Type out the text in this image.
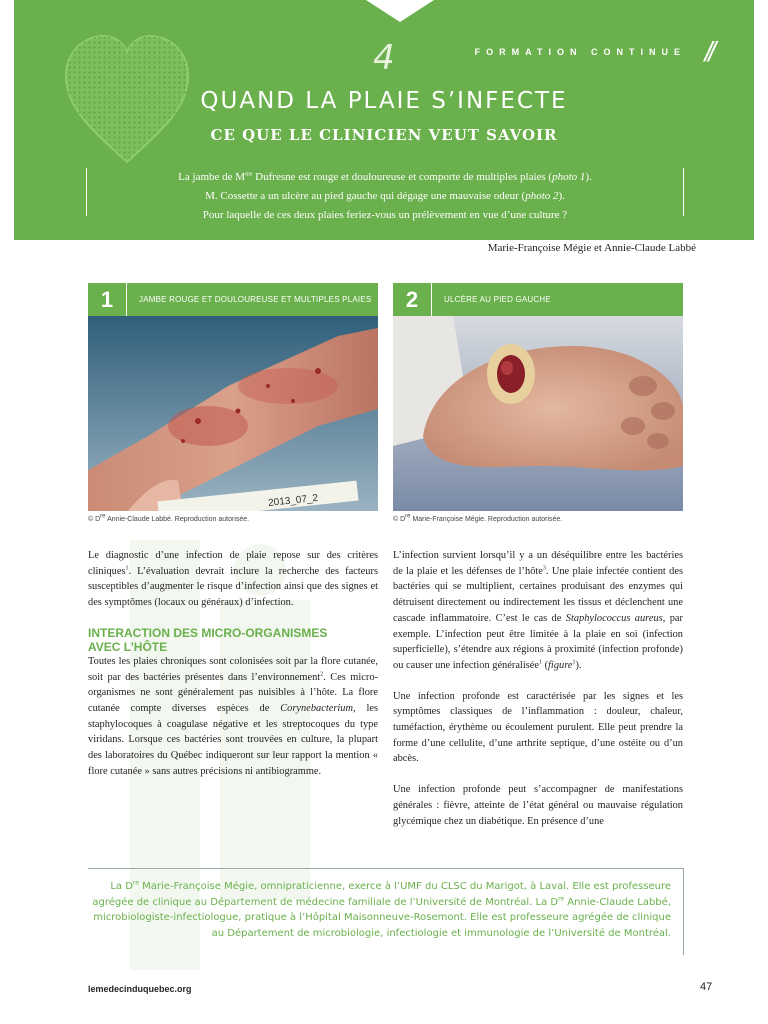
FORMATION CONTINUE //
4
QUAND LA PLAIE S’INFECTE
CE QUE LE CLINICIEN VEUT SAVOIR

La jambe de $M^{me}$ Dufresne est rouge et douloureuse et comporte de multiples plaies (photo 1).

M. Cossette a un ulcère au pied gauche qui dégage une mauvaise odeur (photo 2).

Pour laquelle de ces deux plaies feriez-vous un prélèvement en vue d’une culture ?

Marie-Françoise Mégie et Annie-Claude Labbé
1	JAMBE ROUGE ET DOULOUREUSE ET MULTIPLES PLAIES
2013_07_2
© Dre Annie-Claude Labbé. Reproduction autorisée.
2	ULCÈRE AU PIED GAUCHE
© Dre Marie-Françoise Mégie. Reproduction autorisée.

Le diagnostic d’une infection de plaie repose sur des critères cliniques$^1$. L’évaluation devrait inclure la recherche des facteurs susceptibles d’augmenter le risque d’infection ainsi que des signes et des symptômes (locaux ou généraux) d’infection.

INTERACTION DES MICRO-ORGANISMES
AVEC L’HÔTE

Toutes les plaies chroniques sont colonisées soit par la flore cutanée, soit par des bactéries présentes dans l’environnement$^2$. Ces micro-organismes ne sont généralement pas nuisibles à l’hôte. La flore cutanée compte diverses espèces de Corynebacterium, les staphylocoques à coagulase négative et les streptocoques du type viridans. Lorsque ces bactéries sont trouvées en culture, la plupart des laboratoires du Québec indiqueront sur leur rapport la mention « flore cutanée » sans autres précisions ni antibiogramme.

L’infection survient lorsqu’il y a un déséquilibre entre les bactéries de la plaie et les défenses de l’hôte$^3$. Une plaie infectée contient des bactéries qui se multiplient, certaines produisant des enzymes qui détruisent directement ou indirectement les tissus et déclenchent une cascade inflammatoire. C’est le cas de Staphylococcus aureus, par exemple. L’infection peut être limitée à la plaie en soi (infection superficielle), s’étendre aux régions à proximité (infection profonde) ou causer une infection généralisée$^1$ (figure$^1$).

Une infection profonde est caractérisée par les signes et les symptômes classiques de l’inflammation : douleur, chaleur, tuméfaction, érythème ou écoulement purulent. Elle peut prendre la forme d’une cellulite, d’une arthrite septique, d’une ostéite ou d’un abcès.

Une infection profonde peut s’accompagner de manifestations générales : fièvre, atteinte de l’état général ou mauvaise régulation glycémique chez un diabétique. En présence d’une

La Dre Marie-Françoise Mégie, omnipraticienne, exerce à l’UMF du CLSC du Marigot, à Laval. Elle est professeure agrégée de clinique au Département de médecine familiale de l’Université de Montréal. La Dre Annie-Claude Labbé, microbiologiste-infectiologue, pratique à l’Hôpital Maisonneuve-Rosemont. Elle est professeure agrégée de clinique au Département de microbiologie, infectiologie et immunologie de l’Université de Montréal.

lemedecinduquebec.org	47
